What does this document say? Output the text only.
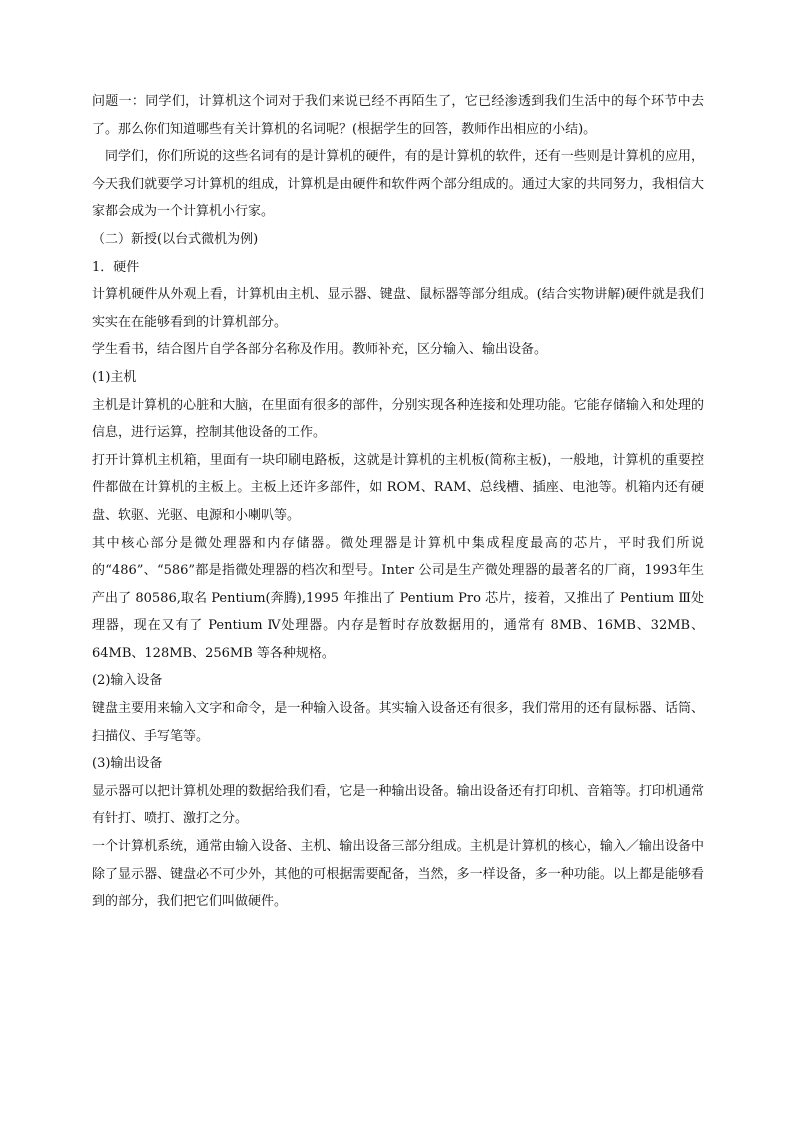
问题一：同学们，计算机这个词对于我们来说已经不再陌生了，它已经渗透到我们生活中的每个环节中去了。那么你们知道哪些有关计算机的名词呢？(根据学生的回答，教师作出相应的小结)。

同学们，你们所说的这些名词有的是计算机的硬件，有的是计算机的软件，还有一些则是计算机的应用，今天我们就要学习计算机的组成，计算机是由硬件和软件两个部分组成的。通过大家的共同努力，我相信大家都会成为一个计算机小行家。

（二）新授(以台式微机为例)

1．硬件

计算机硬件从外观上看，计算机由主机、显示器、键盘、鼠标器等部分组成。(结合实物讲解)硬件就是我们实实在在能够看到的计算机部分。

学生看书，结合图片自学各部分名称及作用。教师补充，区分输入、输出设备。

(1)主机

主机是计算机的心脏和大脑，在里面有很多的部件，分别实现各种连接和处理功能。它能存储输入和处理的信息，进行运算，控制其他设备的工作。

打开计算机主机箱，里面有一块印刷电路板，这就是计算机的主机板(简称主板)，一般地，计算机的重要控件都做在计算机的主板上。主板上还许多部件，如 ROM、RAM、总线槽、插座、电池等。机箱内还有硬盘、软驱、光驱、电源和小喇叭等。

其中核心部分是微处理器和内存储器。微处理器是计算机中集成程度最高的芯片，平时我们所说的“486”、“586”都是指微处理器的档次和型号。Inter 公司是生产微处理器的最著名的厂商，1993年生产出了 80586,取名 Pentium(奔腾),1995 年推出了 Pentium Pro 芯片，接着，又推出了 Pentium Ⅲ处理器，现在又有了 Pentium Ⅳ处理器。内存是暂时存放数据用的，通常有 8MB、16MB、32MB、64MB、128MB、256MB 等各种规格。

(2)输入设备

键盘主要用来输入文字和命令，是一种输入设备。其实输入设备还有很多，我们常用的还有鼠标器、话筒、扫描仪、手写笔等。

(3)输出设备

显示器可以把计算机处理的数据给我们看，它是一种输出设备。输出设备还有打印机、音箱等。打印机通常有针打、喷打、激打之分。

一个计算机系统，通常由输入设备、主机、输出设备三部分组成。主机是计算机的核心，输入／输出设备中除了显示器、键盘必不可少外，其他的可根据需要配备，当然，多一样设备，多一种功能。以上都是能够看到的部分，我们把它们叫做硬件。
